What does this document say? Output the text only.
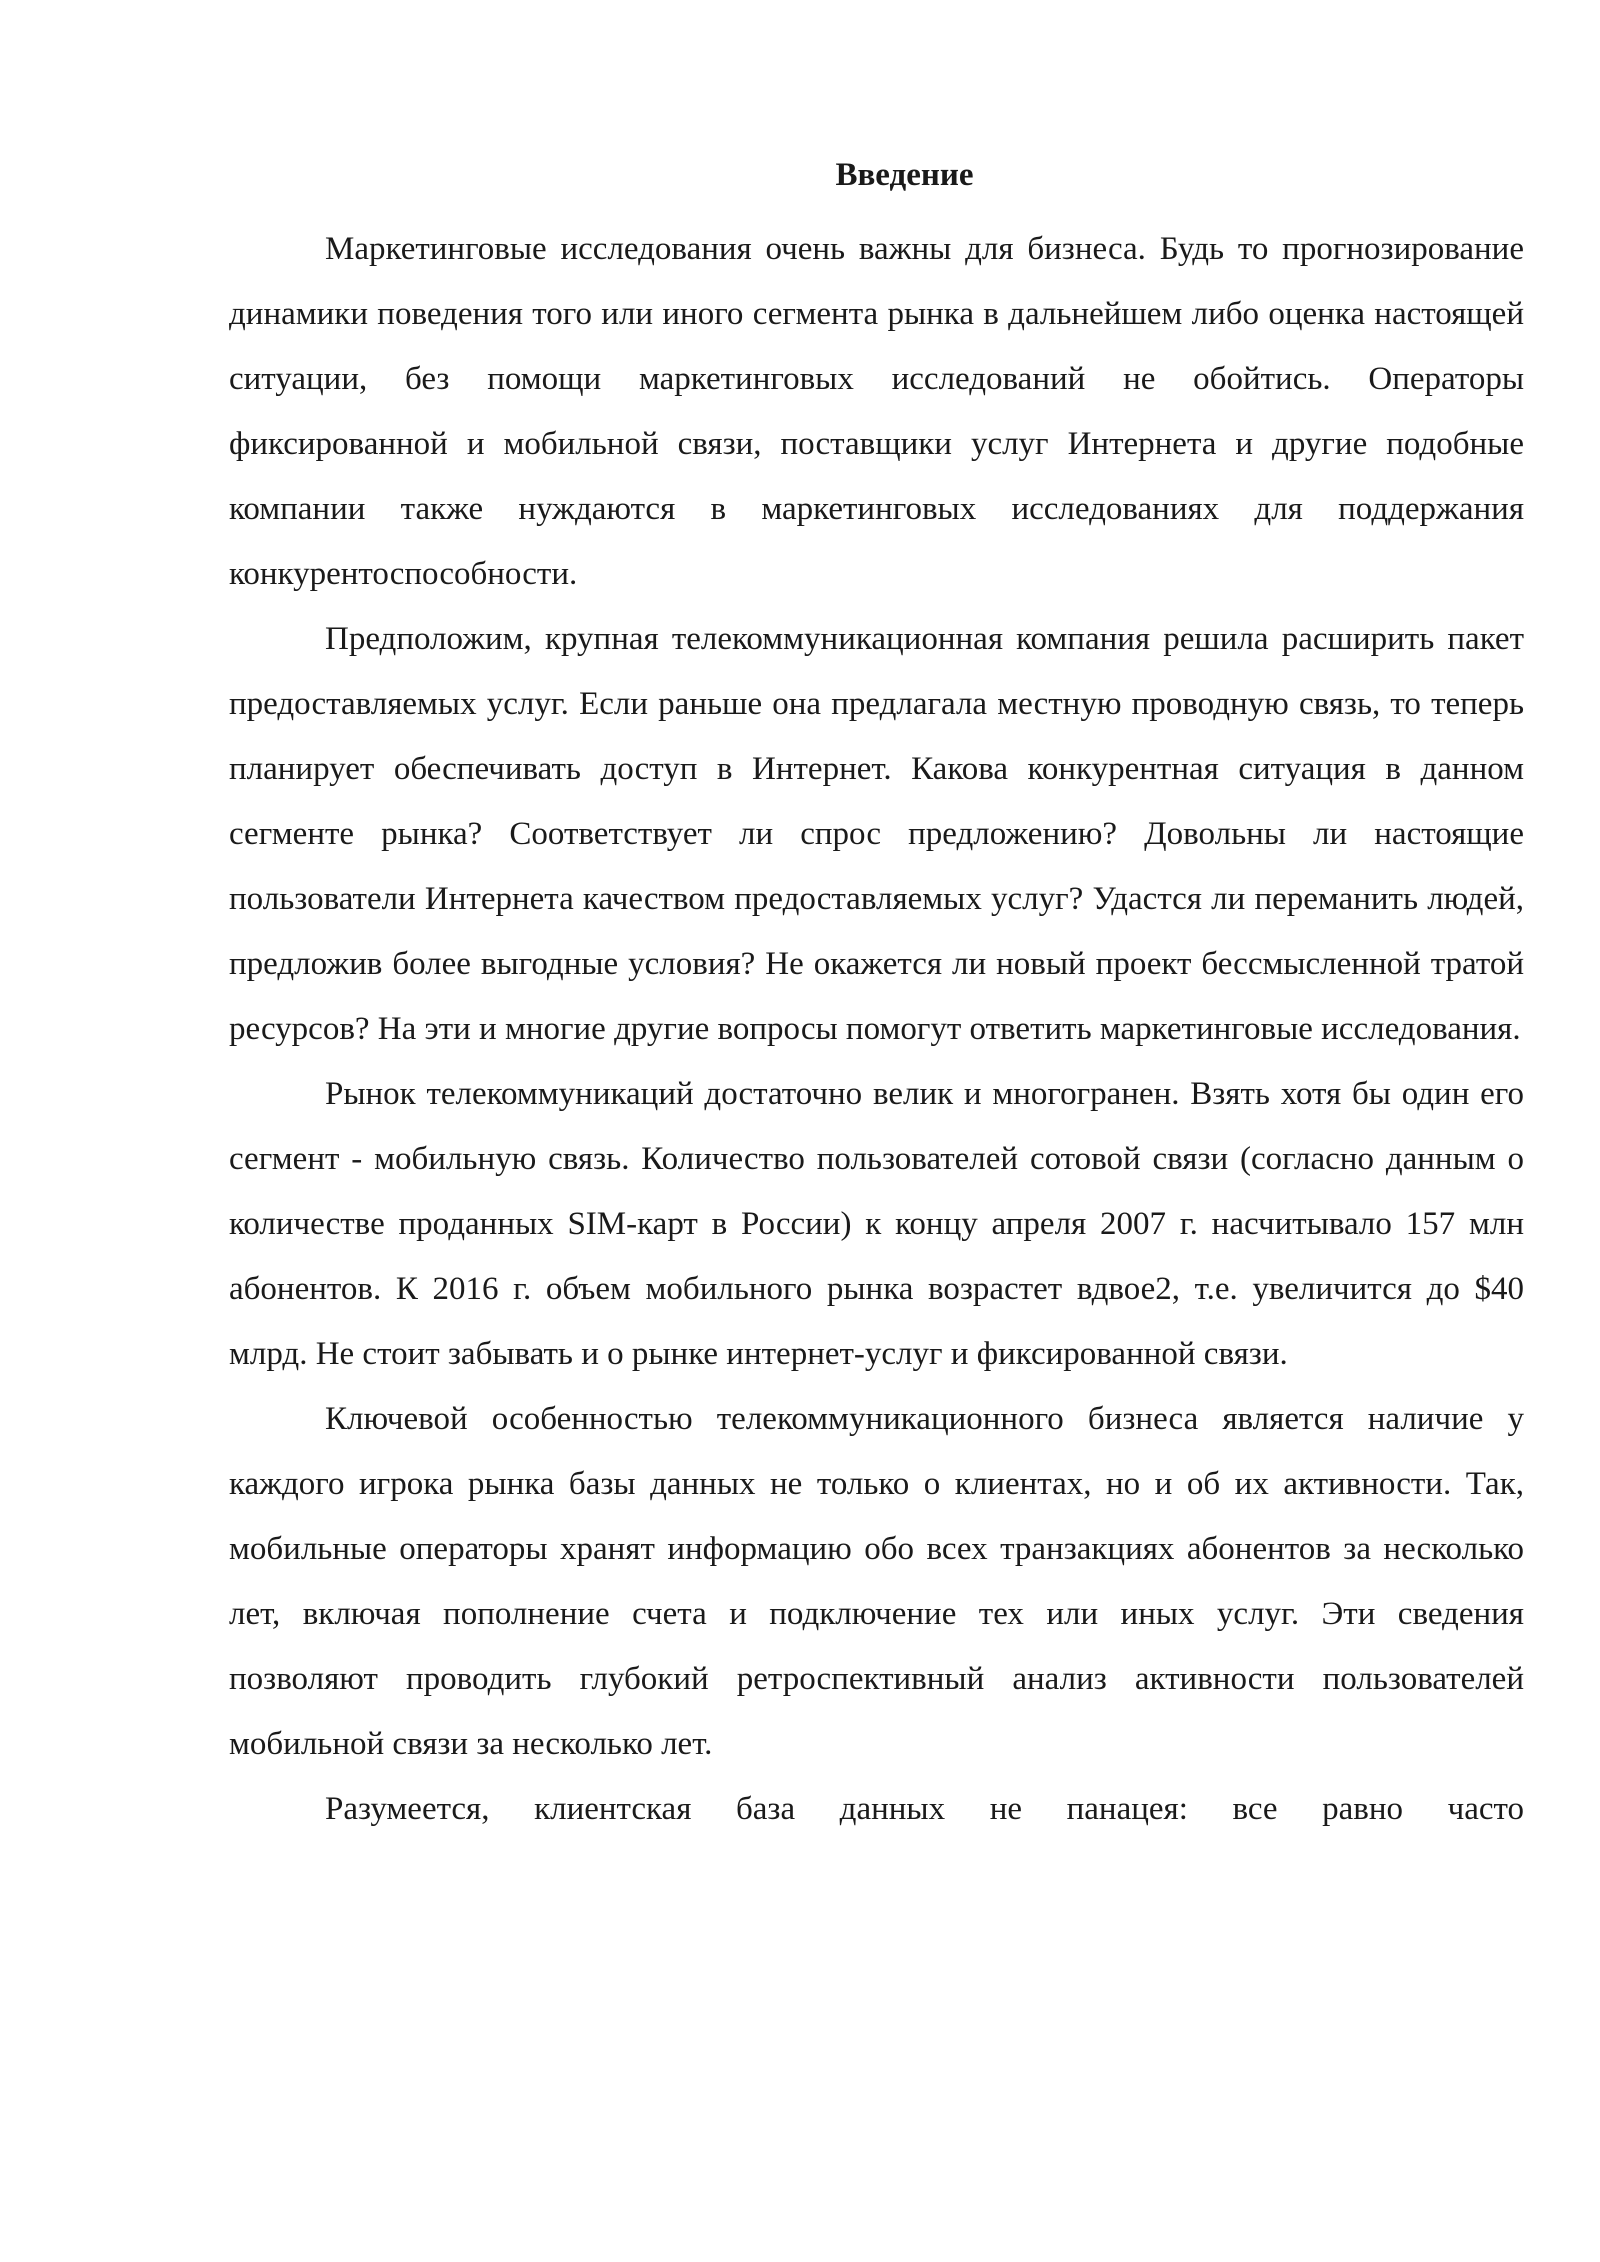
Введение

Маркетинговые исследования очень важны для бизнеса. Будь то прогнозирование динамики поведения того или иного сегмента рынка в дальнейшем либо оценка настоящей ситуации, без помощи маркетинговых исследований не обойтись. Операторы фиксированной и мобильной связи, поставщики услуг Интернета и другие подобные компании также нуждаются в маркетинговых исследованиях для поддержания конкурентоспособности.

Предположим, крупная телекоммуникационная компания решила расширить пакет предоставляемых услуг. Если раньше она предлагала местную проводную связь, то теперь планирует обеспечивать доступ в Интернет. Какова конкурентная ситуация в данном сегменте рынка? Соответствует ли спрос предложению? Довольны ли настоящие пользователи Интернета качеством предоставляемых услуг? Удастся ли переманить людей, предложив более выгодные условия? Не окажется ли новый проект бессмысленной тратой ресурсов? На эти и многие другие вопросы помогут ответить маркетинговые исследования.

Рынок телекоммуникаций достаточно велик и многогранен. Взять хотя бы один его сегмент - мобильную связь. Количество пользователей сотовой связи (согласно данным о количестве проданных SIM-карт в России) к концу апреля 2007 г. насчитывало 157 млн абонентов. К 2016 г. объем мобильного рынка возрастет вдвое2, т.е. увеличится до $40 млрд. Не стоит забывать и о рынке интернет-услуг и фиксированной связи.

Ключевой особенностью телекоммуникационного бизнеса является наличие у каждого игрока рынка базы данных не только о клиентах, но и об их активности. Так, мобильные операторы хранят информацию обо всех транзакциях абонентов за несколько лет, включая пополнение счета и подключение тех или иных услуг. Эти сведения позволяют проводить глубокий ретроспективный анализ активности пользователей мобильной связи за несколько лет.

Разумеется, клиентская база данных не панацея: все равно часто
